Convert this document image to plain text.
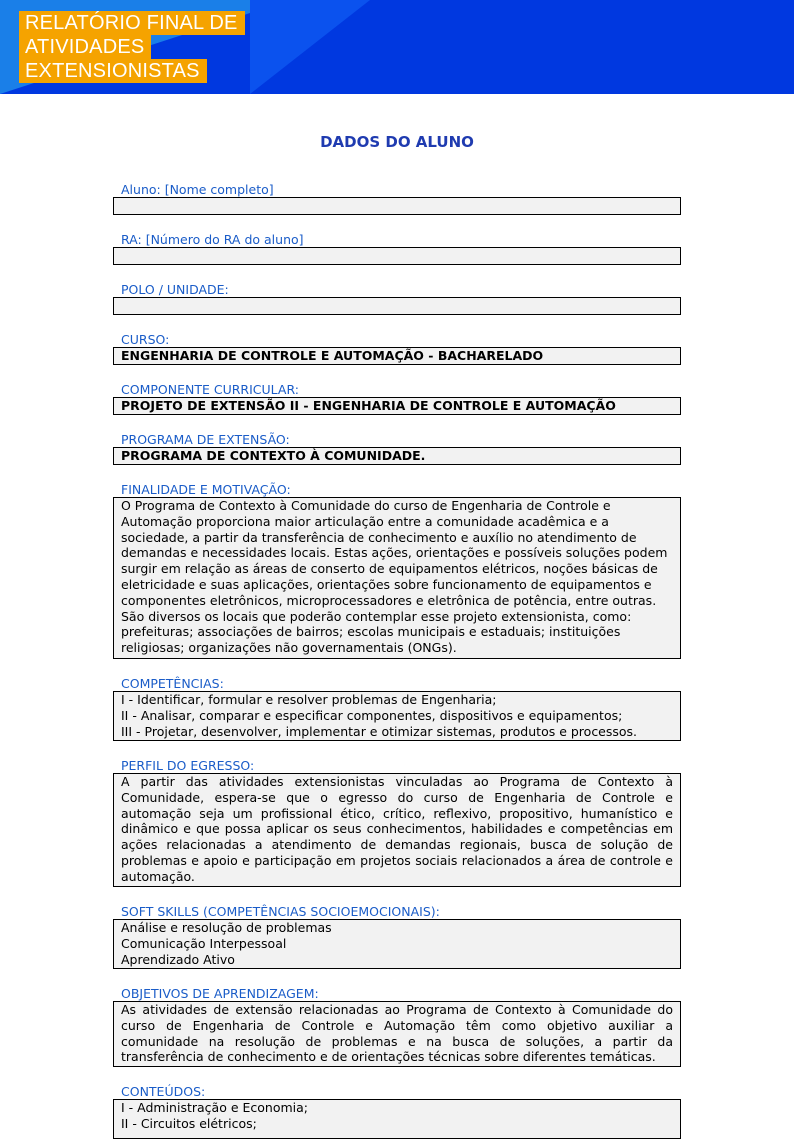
RELATÓRIO FINAL DE
ATIVIDADES
EXTENSIONISTAS
DADOS DO ALUNO
Aluno: [Nome completo]
RA: [Número do RA do aluno]
POLO / UNIDADE:
CURSO:
ENGENHARIA DE CONTROLE E AUTOMAÇÃO - BACHARELADO
COMPONENTE CURRICULAR:
PROJETO DE EXTENSÃO II - ENGENHARIA DE CONTROLE E AUTOMAÇÃO
PROGRAMA DE EXTENSÃO:
PROGRAMA DE CONTEXTO À COMUNIDADE.
FINALIDADE E MOTIVAÇÃO:
O Programa de Contexto à Comunidade do curso de Engenharia de Controle e Automação proporciona maior articulação entre a comunidade acadêmica e a sociedade, a partir da transferência de conhecimento e auxílio no atendimento de demandas e necessidades locais. Estas ações, orientações e possíveis soluções podem surgir em relação as áreas de conserto de equipamentos elétricos, noções básicas de eletricidade e suas aplicações, orientações sobre funcionamento de equipamentos e componentes eletrônicos, microprocessadores e eletrônica de potência, entre outras. São diversos os locais que poderão contemplar esse projeto extensionista, como: prefeituras; associações de bairros; escolas municipais e estaduais; instituições religiosas; organizações não governamentais (ONGs).
COMPETÊNCIAS:
I - Identificar, formular e resolver problemas de Engenharia;
II - Analisar, comparar e especificar componentes, dispositivos e equipamentos;
III - Projetar, desenvolver, implementar e otimizar sistemas, produtos e processos.
PERFIL DO EGRESSO:
A partir das atividades extensionistas vinculadas ao Programa de Contexto à Comunidade, espera-se que o egresso do curso de Engenharia de Controle e automação seja um profissional ético, crítico, reflexivo, propositivo, humanístico e dinâmico e que possa aplicar os seus conhecimentos, habilidades e competências em ações relacionadas a atendimento de demandas regionais, busca de solução de problemas e apoio e participação em projetos sociais relacionados a área de controle e automação.
SOFT SKILLS (COMPETÊNCIAS SOCIOEMOCIONAIS):
Análise e resolução de problemas
Comunicação Interpessoal
Aprendizado Ativo
OBJETIVOS DE APRENDIZAGEM:
As atividades de extensão relacionadas ao Programa de Contexto à Comunidade do curso de Engenharia de Controle e Automação têm como objetivo auxiliar a comunidade na resolução de problemas e na busca de soluções, a partir da transferência de conhecimento e de orientações técnicas sobre diferentes temáticas.
CONTEÚDOS:
I - Administração e Economia;
II - Circuitos elétricos;
